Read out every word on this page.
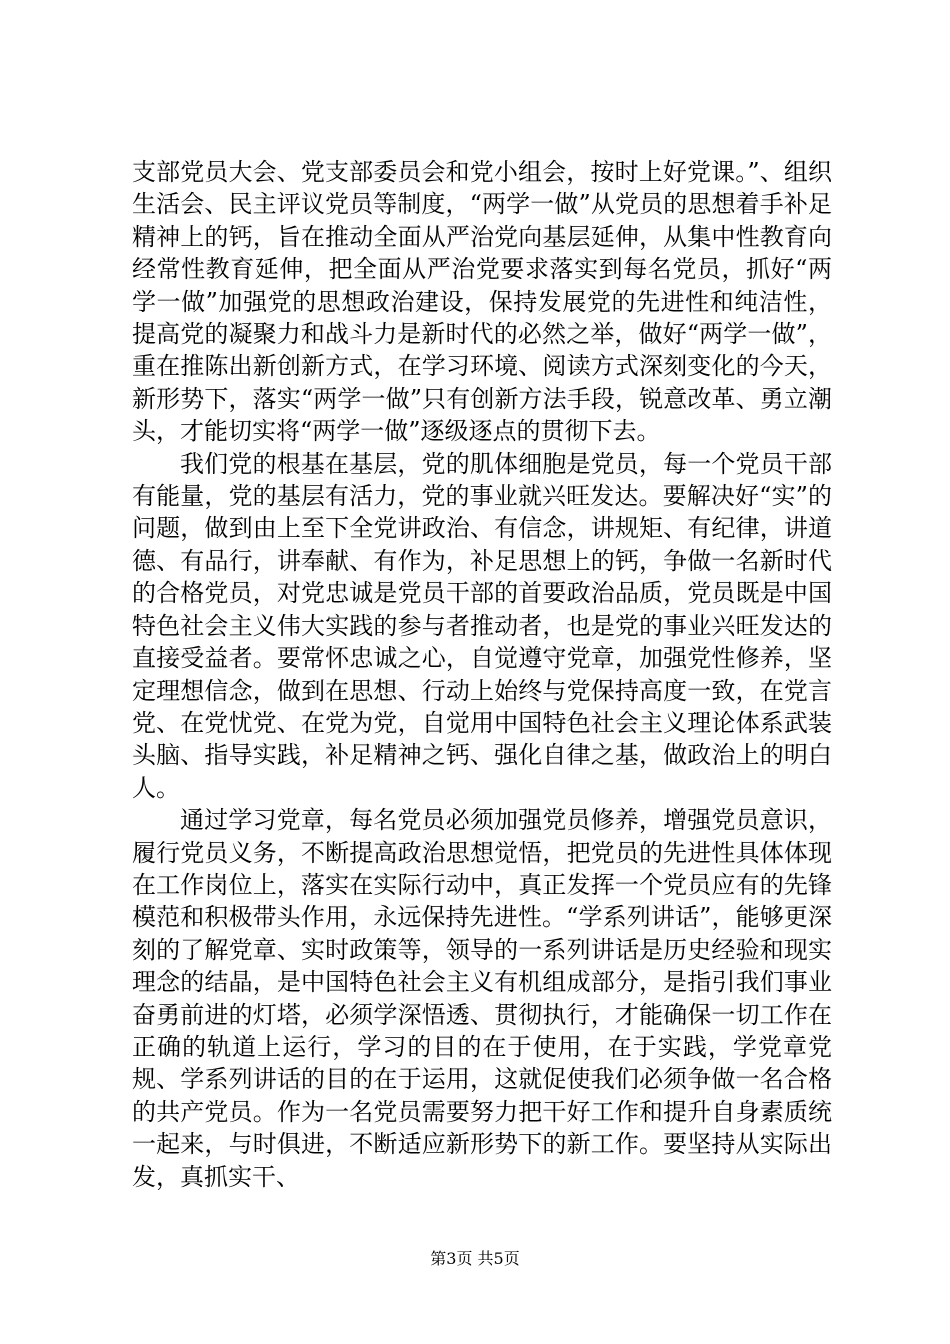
支部党员大会、党支部委员会和党小组会，按时上好党课。”、组织生活会、民主评议党员等制度，“两学一做”从党员的思想着手补足精神上的钙，旨在推动全面从严治党向基层延伸，从集中性教育向经常性教育延伸，把全面从严治党要求落实到每名党员，抓好“两学一做”加强党的思想政治建设，保持发展党的先进性和纯洁性，提高党的凝聚力和战斗力是新时代的必然之举，做好“两学一做”，重在推陈出新创新方式，在学习环境、阅读方式深刻变化的今天，新形势下，落实“两学一做”只有创新方法手段，锐意改革、勇立潮头，才能切实将“两学一做”逐级逐点的贯彻下去。

我们党的根基在基层，党的肌体细胞是党员，每一个党员干部有能量，党的基层有活力，党的事业就兴旺发达。要解决好“实”的问题，做到由上至下全党讲政治、有信念，讲规矩、有纪律，讲道德、有品行，讲奉献、有作为，补足思想上的钙，争做一名新时代的合格党员，对党忠诚是党员干部的首要政治品质，党员既是中国特色社会主义伟大实践的参与者推动者，也是党的事业兴旺发达的直接受益者。要常怀忠诚之心，自觉遵守党章，加强党性修养，坚定理想信念，做到在思想、行动上始终与党保持高度一致，在党言党、在党忧党、在党为党，自觉用中国特色社会主义理论体系武装头脑、指导实践，补足精神之钙、强化自律之基，做政治上的明白人。

通过学习党章，每名党员必须加强党员修养，增强党员意识，履行党员义务，不断提高政治思想觉悟，把党员的先进性具体体现在工作岗位上，落实在实际行动中，真正发挥一个党员应有的先锋模范和积极带头作用，永远保持先进性。“学系列讲话”，能够更深刻的了解党章、实时政策等，领导的一系列讲话是历史经验和现实理念的结晶，是中国特色社会主义有机组成部分，是指引我们事业奋勇前进的灯塔，必须学深悟透、贯彻执行，才能确保一切工作在正确的轨道上运行，学习的目的在于使用，在于实践，学党章党规、学系列讲话的目的在于运用，这就促使我们必须争做一名合格的共产党员。作为一名党员需要努力把干好工作和提升自身素质统一起来，与时俱进，不断适应新形势下的新工作。要坚持从实际出发，真抓实干、

第3页 共5页
